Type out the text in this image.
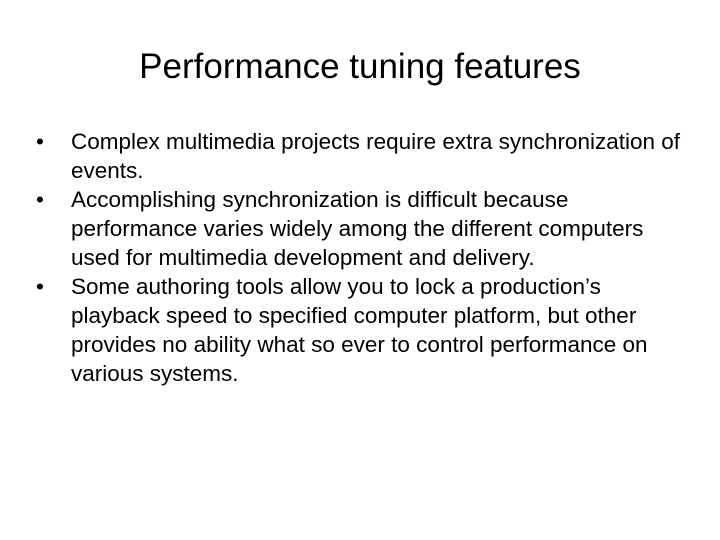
Performance tuning features
•	Complex multimedia projects require extra synchronization of events.
•	Accomplishing synchronization is difficult because performance varies widely among the different computers used for multimedia development and delivery.
•	Some authoring tools allow you to lock a production’s playback speed to specified computer platform, but other provides no ability what so ever to control performance on various systems.
